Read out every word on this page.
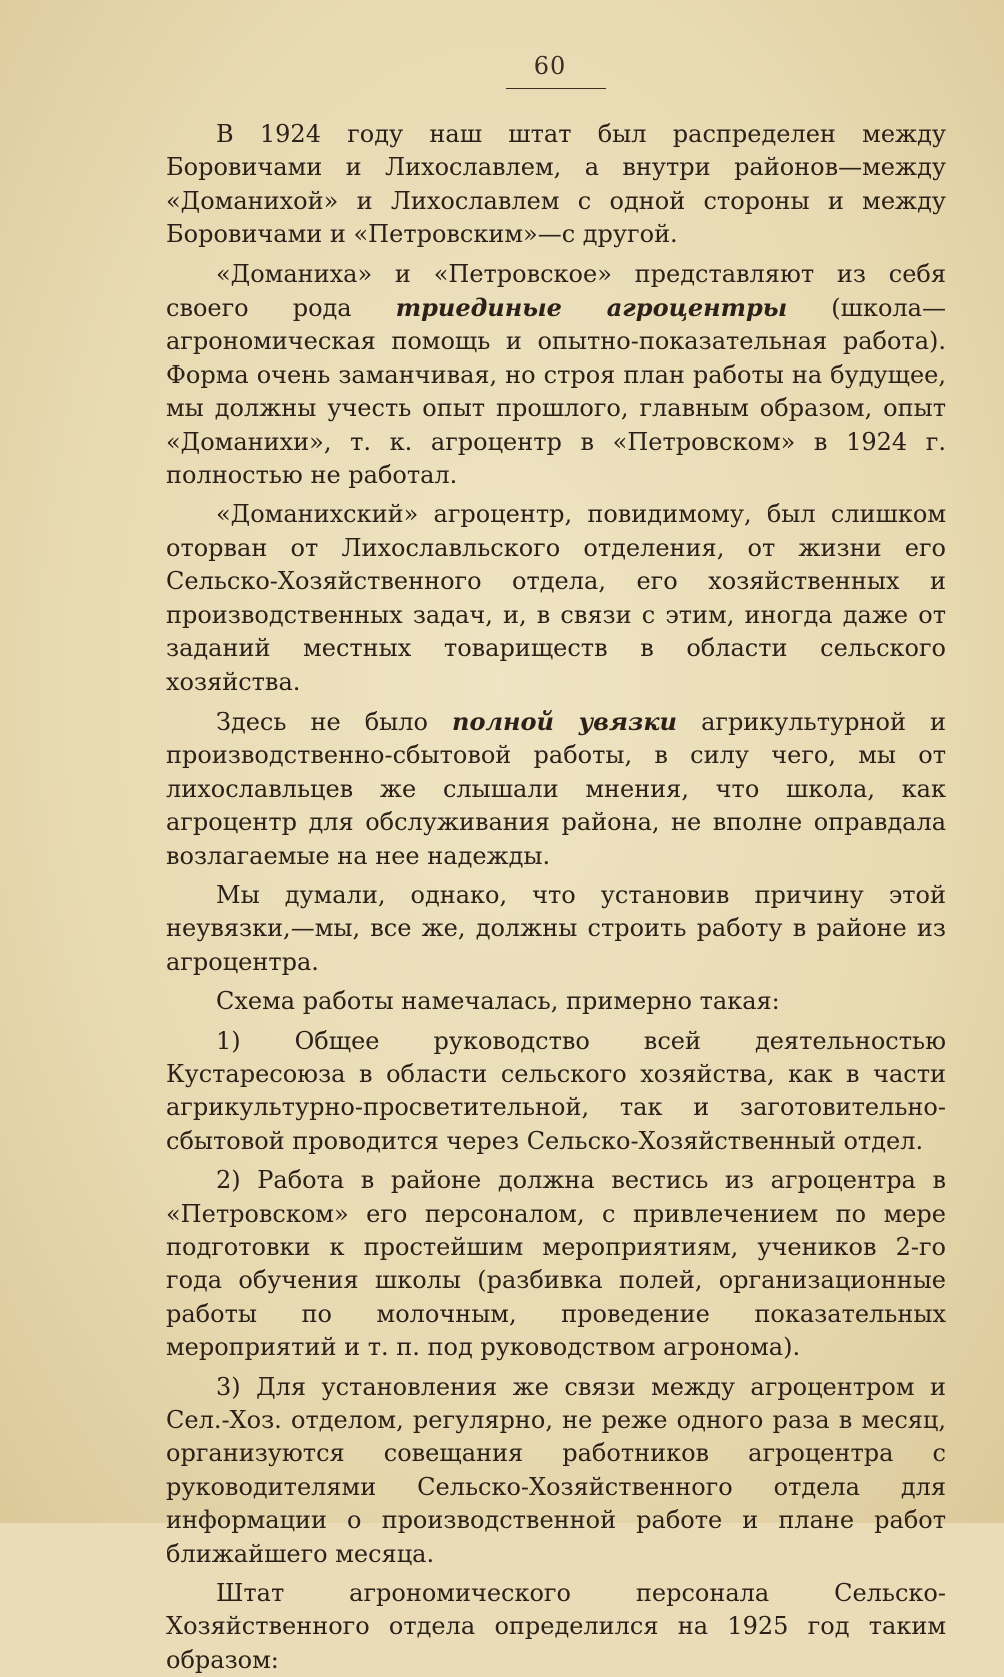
60

В 1924 году наш штат был распределен между Боровичами и Лихославлем, а внутри районов—между «Доманихой» и Лихославлем с одной стороны и между Боровичами и «Петровским»—с другой.

«Доманиха» и «Петровское» представляют из себя своего рода триединые агроцентры (школа—агрономическая помощь и опытно-показательная работа). Форма очень заманчивая, но строя план работы на будущее, мы должны учесть опыт прошлого, главным образом, опыт «Доманихи», т. к. агроцентр в «Петровском» в 1924 г. полностью не работал.

«Доманихский» агроцентр, повидимому, был слишком оторван от Лихославльского отделения, от жизни его Сельско-Хозяйственного отдела, его хозяйственных и производственных задач, и, в связи с этим, иногда даже от заданий местных товариществ в области сельского хозяйства.

Здесь не было полной увязки агрикультурной и производственно-сбытовой работы, в силу чего, мы от лихославльцев же слышали мнения, что школа, как агроцентр для обслуживания района, не вполне оправдала возлагаемые на нее надежды.

Мы думали, однако, что установив причину этой неувязки,—мы, все же, должны строить работу в районе из агроцентра.

Схема работы намечалась, примерно такая:

1) Общее руководство всей деятельностью Кустаресоюза в области сельского хозяйства, как в части агрикультурно-просветительной, так и заготовительно-сбытовой проводится через Сельско-Хозяйственный отдел.

2) Работа в районе должна вестись из агроцентра в «Петровском» его персоналом, с привлечением по мере подготовки к простейшим мероприятиям, учеников 2-го года обучения школы (разбивка полей, организационные работы по молочным, проведение показательных мероприятий и т. п. под руководством агронома).

3) Для установления же связи между агроцентром и Сел.-Хоз. отделом, регулярно, не реже одного раза в месяц, организуются совещания работников агроцентра с руководителями Сельско-Хозяйственного отдела для информации о производственной работе и плане работ ближайшего месяца.

Штат агрономического персонала Сельско-Хозяйственного отдела определился на 1925 год таким образом:
